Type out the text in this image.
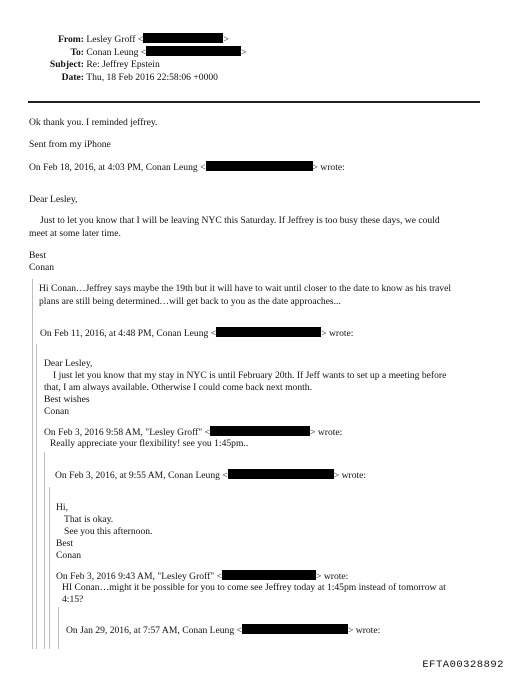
From: Lesley Groff <	>
To: Conan Leung <	>
Subject: Re: Jeffrey Epstein
Date: Thu, 18 Feb 2016 22:58:06 +0000
Ok thank you. I reminded jeffrey.
Sent from my iPhone
On Feb 18, 2016, at 4:03 PM, Conan Leung <	> wrote:
Dear Lesley,
Just to let you know that I will be leaving NYC this Saturday. If Jeffrey is too busy these days, we could
meet at some later time.
Best
Conan
Hi Conan…Jeffrey says maybe the 19th but it will have to wait until closer to the date to know as his travel
plans are still being determined…will get back to you as the date approaches...
On Feb 11, 2016, at 4:48 PM, Conan Leung <	> wrote:
Dear Lesley,
I just let you know that my stay in NYC is until February 20th. If Jeff wants to set up a meeting before
that, I am always available. Otherwise I could come back next month.
Best wishes
Conan
On Feb 3, 2016 9:58 AM, "Lesley Groff" <	> wrote:
Really appreciate your flexibility! see you 1:45pm..
On Feb 3, 2016, at 9:55 AM, Conan Leung <	> wrote:
Hi,
That is okay.
See you this afternoon.
Best
Conan
On Feb 3, 2016 9:43 AM, "Lesley Groff" <	> wrote:
HI Conan…might it be possible for you to come see Jeffrey today at 1:45pm instead of tomorrow at
4:15?
On Jan 29, 2016, at 7:57 AM, Conan Leung <	> wrote:
EFTA00328892
